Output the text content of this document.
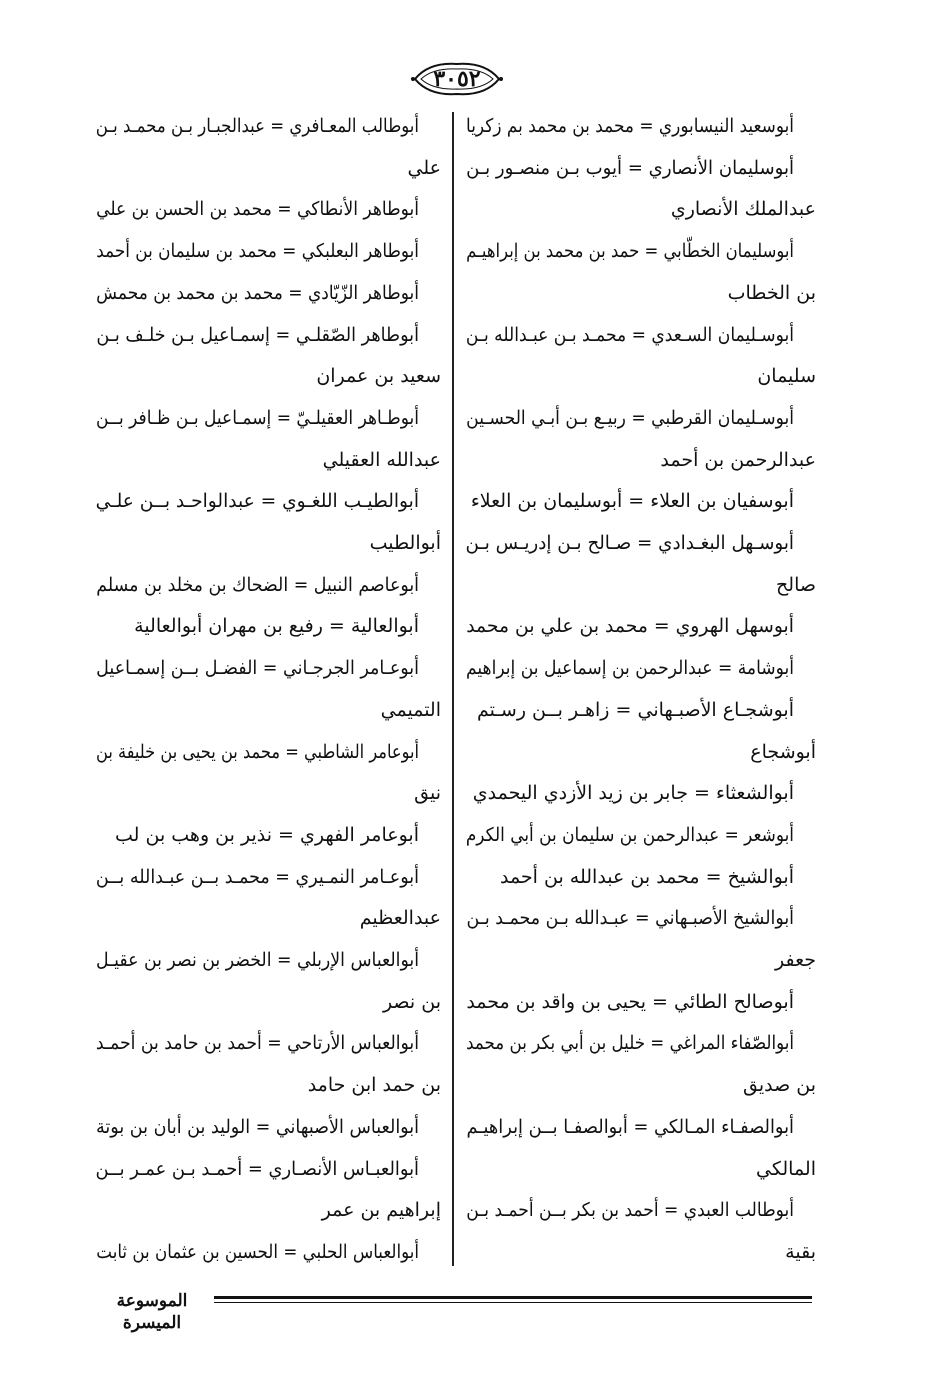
٣٠٥٢
أبوسعيد النيسابوري = محمد بن محمد بم زكريا
أبوسليمان الأنصاري = أيوب بـن منصـور بـن
عبدالملك الأنصاري
أبوسليمان الخطّابي = حمد بن محمد بن إبراهيـم
بن الخطاب
أبوسـليمان السـعدي = محمـد بـن عبـدالله بـن
سليمان
أبوسـليمان القرطبي = ربيـع بـن أبـي الحسـين
عبدالرحمن بن أحمد
أبوسفيان بن العلاء = أبوسليمان بن العلاء
أبوسـهل البغـدادي = صـالح بـن إدريـس بـن
صالح
أبوسهل الهروي = محمد بن علي بن محمد
أبوشامة = عبدالرحمن بن إسماعيل بن إبراهيم
أبوشجـاع الأصبـهاني = زاهـر بــن رسـتم
أبوشجاع
أبوالشعثاء = جابر بن زيد الأزدي اليحمدي
أبوشعر = عبدالرحمن بن سليمان بن أبي الكرم
أبوالشيخ = محمد بن عبدالله بن أحمد
أبوالشيخ الأصبـهاني = عبـدالله بـن محمـد بـن
جعفر
أبوصالح الطائي = يحيى بن واقد بن محمد
أبوالصّفاء المراغي = خليل بن أبي بكر بن محمد
بن صديق
أبوالصفـاء المـالكي = أبوالصفـا بــن إبراهيـم
المالكي
أبوطالب العبدي = أحمد بن بكر بــن أحمـد بـن
بقية
أبوطالب المعـافري = عبدالجبـار بـن محمـد بـن
علي
أبوطاهر الأنطاكي = محمد بن الحسن بن علي
أبوطاهر البعلبكي = محمد بن سليمان بن أحمد
أبوطاهر الزّيّادي = محمد بن محمد بن محمش
أبوطاهر الصّقلـي = إسمـاعيل بـن خلـف بـن
سعيد بن عمران
أبوطـاهر العقيلـيّ = إسمـاعيل بـن ظـافر بــن
عبدالله العقيلي
أبوالطيـب اللغـوي = عبدالواحـد بــن علـي
أبوالطيب
أبوعاصم النبيل = الضحاك بن مخلد بن مسلم
أبوالعالية = رفيع بن مهران أبوالعالية
أبوعـامر الجرجـاني = الفضـل بــن إسمـاعيل
التميمي
أبوعامر الشاطبي = محمد بن يحيى بن خليفة بن
نيق
أبوعامر الفهري = نذير بن وهب بن لب
أبوعـامر النمـيري = محمـد بــن عبـدالله بــن
عبدالعظيم
أبوالعباس الإربلي = الخضر بن نصر بن عقيـل
بن نصر
أبوالعباس الأرتاحي = أحمد بن حامد بن أحمـد
بن حمد ابن حامد
أبوالعباس الأصبهاني = الوليد بن أبان بن بوتة
أبوالعبـاس الأنصـاري = أحمـد بـن عمـر بــن
إبراهيم بن عمر
أبوالعباس الحلبي = الحسين بن عثمان بن ثابت
الموسوعة الميسرة
